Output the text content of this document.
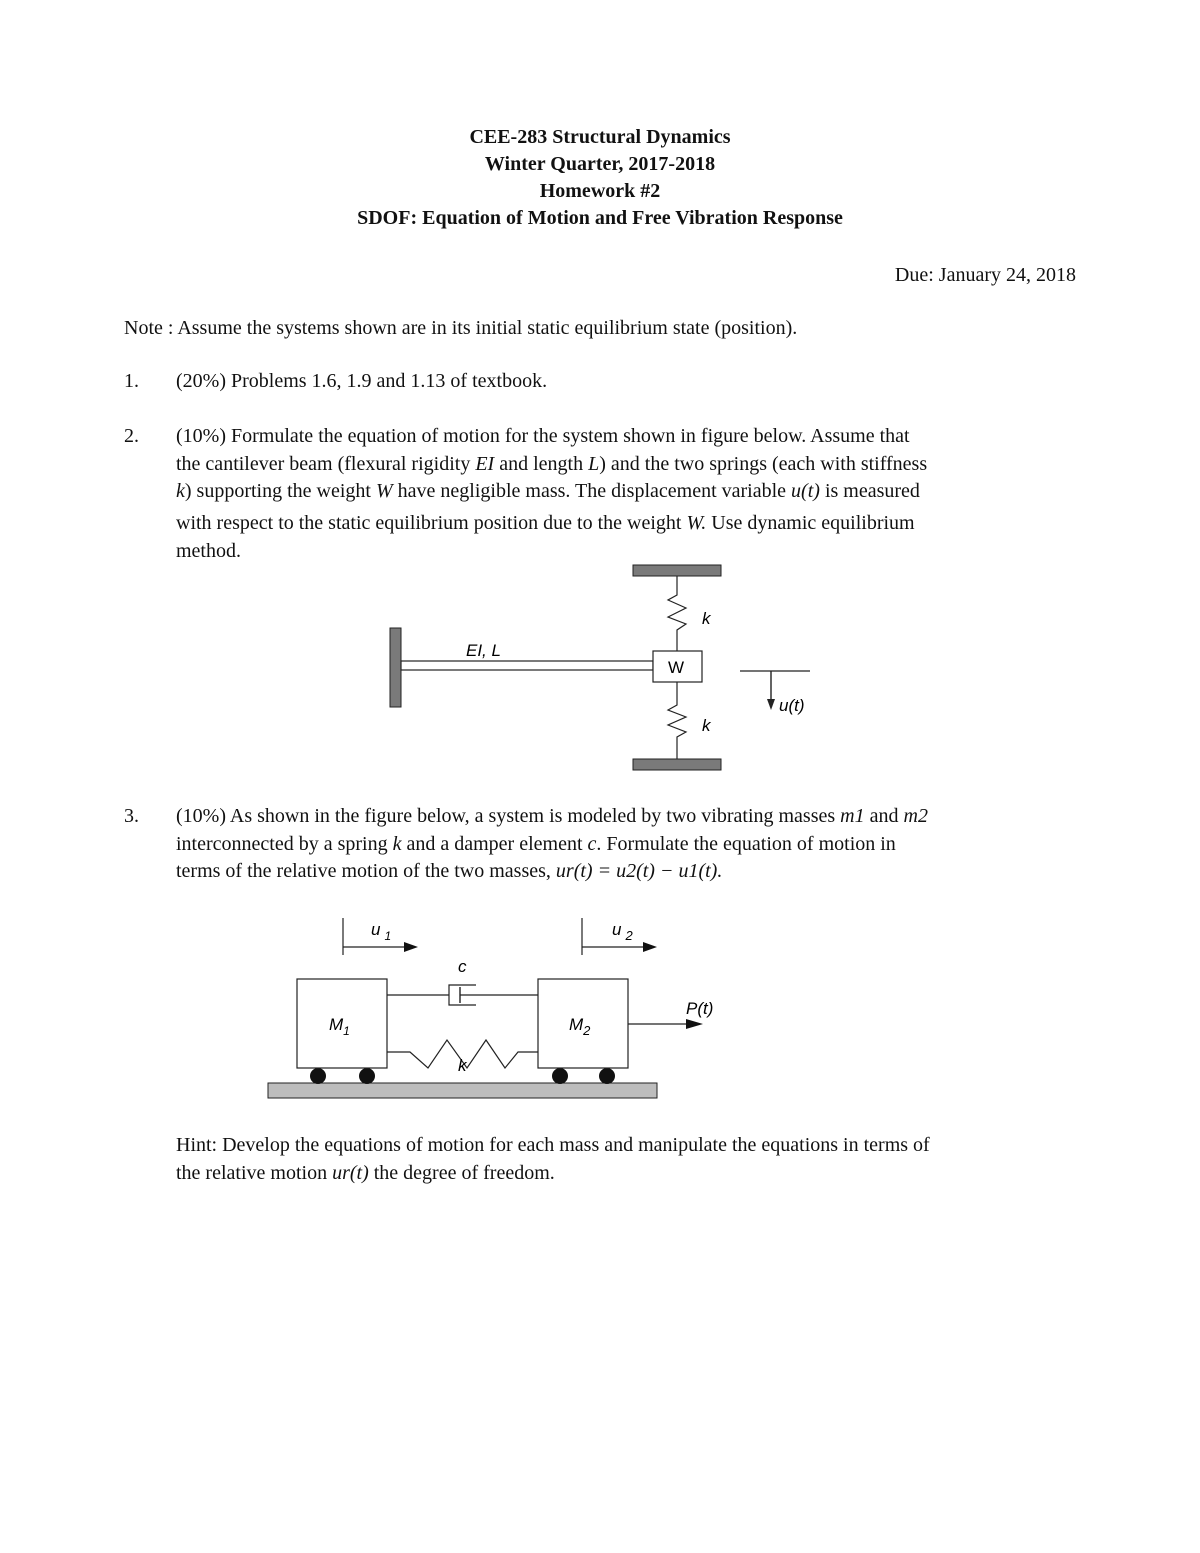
CEE-283 Structural Dynamics
Winter Quarter, 2017-2018
Homework #2
SDOF: Equation of Motion and Free Vibration Response
Due: January 24, 2018
Note : Assume the systems shown are in its initial static equilibrium state (position).
1. (20%) Problems 1.6, 1.9 and 1.13 of textbook.
2. (10%) Formulate the equation of motion for the system shown in figure below. Assume that
the cantilever beam (flexural rigidity EI and length L) and the two springs (each with stiffness
k) supporting the weight W have negligible mass. The displacement variable u(t) is measured
with respect to the static equilibrium position due to the weight W. Use dynamic equilibrium
method.
EI, L
W
k
k
u(t)
3. (10%) As shown in the figure below, a system is modeled by two vibrating masses m1 and m2
interconnected by a spring k and a damper element c. Formulate the equation of motion in
terms of the relative motion of the two masses, ur(t) = u2(t) − u1(t).
c
k
u $_1$	u $_2$
$M_1$	$M_2$
P(t)
Hint: Develop the equations of motion for each mass and manipulate the equations in terms of
the relative motion ur(t) the degree of freedom.
